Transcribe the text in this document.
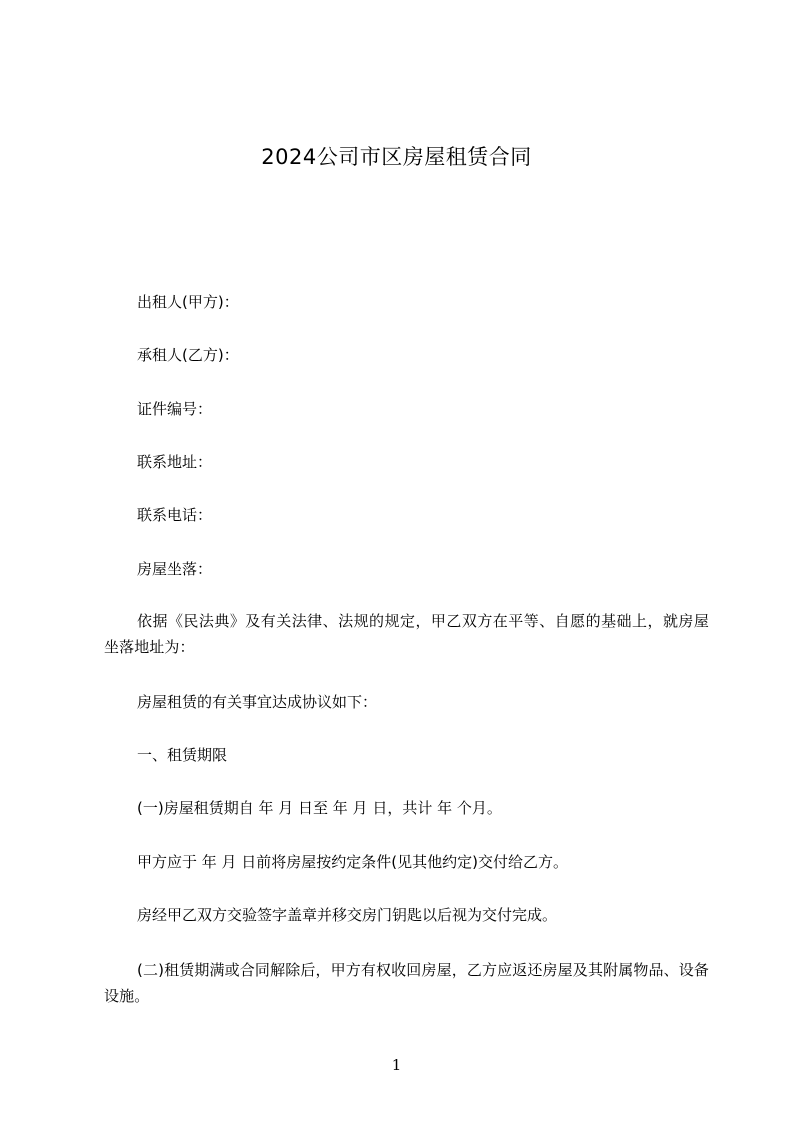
2024公司市区房屋租赁合同
出租人(甲方)：
承租人(乙方)：
证件编号：
联系地址：
联系电话：
房屋坐落：
依据《民法典》及有关法律、法规的规定，甲乙双方在平等、自愿的基础上，就房屋坐落地址为：
房屋租赁的有关事宜达成协议如下：
一、租赁期限
(一)房屋租赁期自 年 月 日至 年 月 日，共计 年 个月。
甲方应于 年 月 日前将房屋按约定条件(见其他约定)交付给乙方。
房经甲乙双方交验签字盖章并移交房门钥匙以后视为交付完成。
(二)租赁期满或合同解除后，甲方有权收回房屋，乙方应返还房屋及其附属物品、设备设施。
1
